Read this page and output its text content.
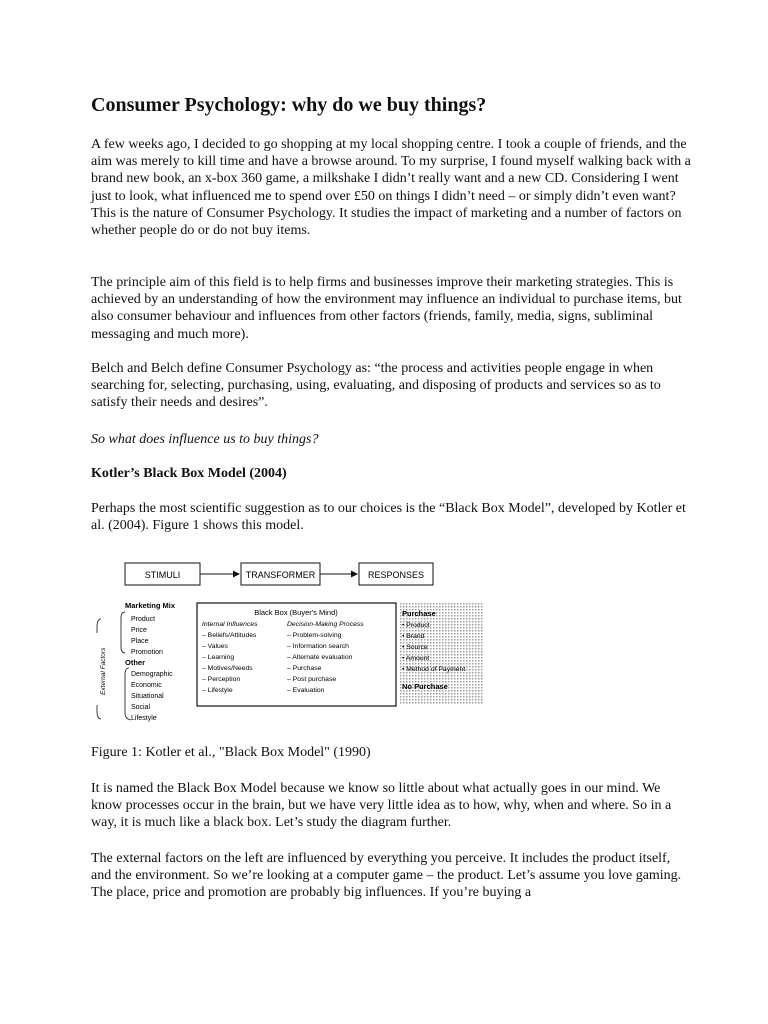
Consumer Psychology: why do we buy things?

A few weeks ago, I decided to go shopping at my local shopping centre. I took a couple of friends, and the aim was merely to kill time and have a browse around. To my surprise, I found myself walking back with a brand new book, an x-box 360 game, a milkshake I didn’t really want and a new CD. Considering I went just to look, what influenced me to spend over £50 on things I didn’t need – or simply didn’t even want? This is the nature of Consumer Psychology. It studies the impact of marketing and a number of factors on whether people do or do not buy items.

The principle aim of this field is to help firms and businesses improve their marketing strategies. This is achieved by an understanding of how the environment may influence an individual to purchase items, but also consumer behaviour and influences from other factors (friends, family, media, signs, subliminal messaging and much more).

Belch and Belch define Consumer Psychology as: “the process and activities people engage in when searching for, selecting, purchasing, using, evaluating, and disposing of products and services so as to satisfy their needs and desires”.

So what does influence us to buy things?

Kotler’s Black Box Model (2004)

Perhaps the most scientific suggestion as to our choices is the “Black Box Model”, developed by Kotler et al. (2004). Figure 1 shows this model.

STIMULI	TRANSFORMER	RESPONSES
External Factors
Marketing Mix
Product
Price
Place
Promotion
Other
Demographic
Economic
Situational
Social
Lifestyle
Black Box (Buyer's Mind)
Internal Influences	Decision-Making Process
– Beliefs/Attitudes
– Values
– Learning
– Motives/Needs
– Perception
– Lifestyle
– Problem-solving
– Information search
– Alternate evaluation
– Purchase
– Post purchase
– Evaluation
Purchase
• Product
• Brand
• Source
• Amount
• Method of Payment
No Purchase

Figure 1: Kotler et al., "Black Box Model" (1990)

It is named the Black Box Model because we know so little about what actually goes in our mind. We know processes occur in the brain, but we have very little idea as to how, why, when and where. So in a way, it is much like a black box. Let’s study the diagram further.

The external factors on the left are influenced by everything you perceive. It includes the product itself, and the environment. So we’re looking at a computer game – the product. Let’s assume you love gaming. The place, price and promotion are probably big influences. If you’re buying a
